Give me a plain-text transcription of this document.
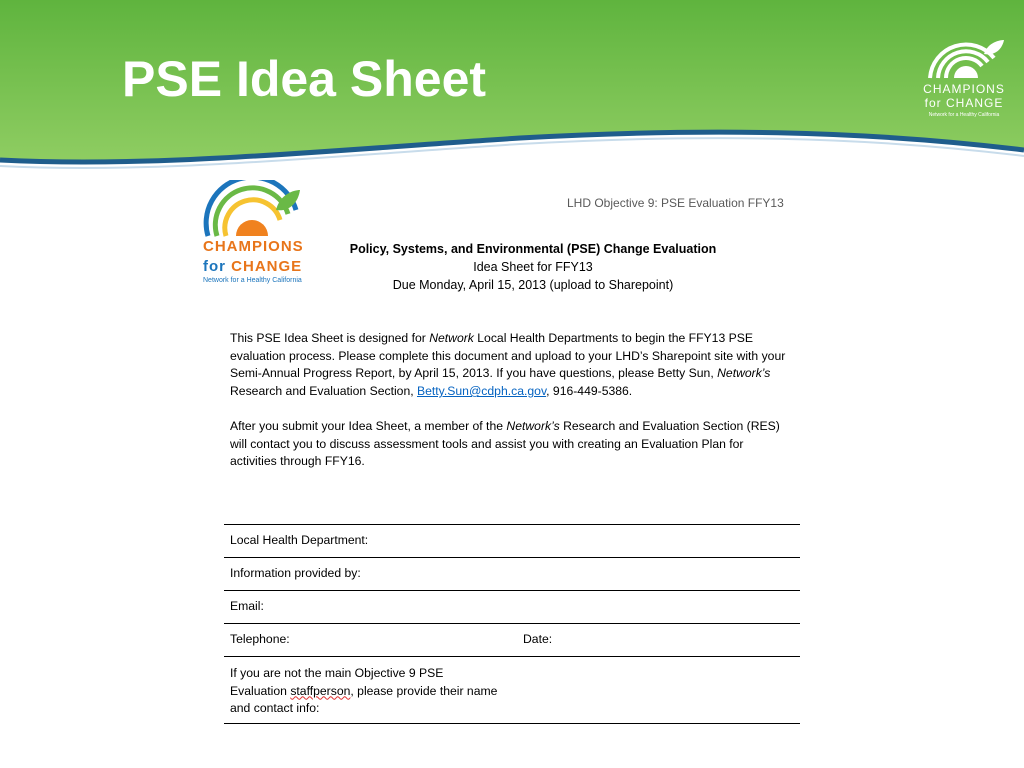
PSE Idea Sheet	CHAMPIONS
for CHANGE
Network for a Healthy California
CHAMPIONS
for CHANGE
Network for a Healthy California
LHD Objective 9: PSE Evaluation FFY13
Policy, Systems, and Environmental (PSE) Change Evaluation
Idea Sheet for FFY13
Due Monday, April 15, 2013 (upload to Sharepoint)

This PSE Idea Sheet is designed for Network Local Health Departments to begin the FFY13 PSE evaluation process. Please complete this document and upload to your LHD’s Sharepoint site with your Semi-Annual Progress Report, by April 15, 2013. If you have questions, please Betty Sun, Network’s Research and Evaluation Section, Betty.Sun@cdph.ca.gov, 916-449-5386.

After you submit your Idea Sheet, a member of the Network’s Research and Evaluation Section (RES) will contact you to discuss assessment tools and assist you with creating an Evaluation Plan for activities through FFY16.

Local Health Department:
Information provided by:
Email:
Telephone:	Date:
If you are not the main Objective 9 PSE Evaluation staffperson, please provide their name and contact info:
